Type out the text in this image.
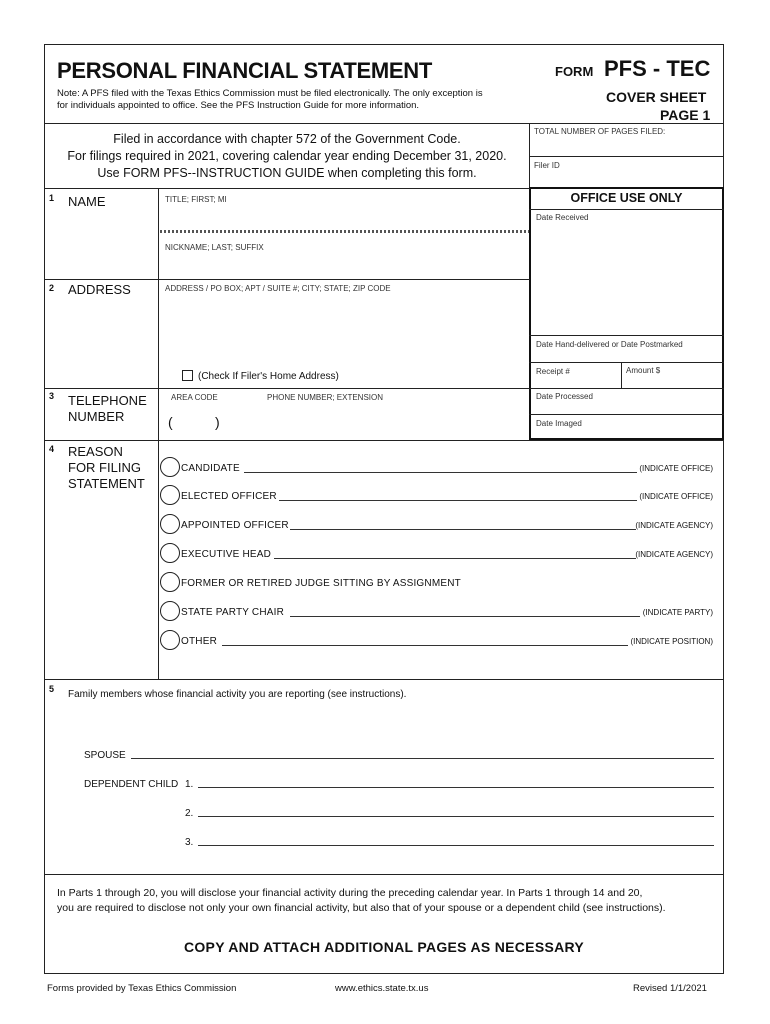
PERSONAL FINANCIAL STATEMENT	FORM PFS - TEC
Note: A PFS filed with the Texas Ethics Commission must be filed electronically. The only exception is
for individuals appointed to office. See the PFS Instruction Guide for more information.
COVER SHEET
PAGE 1
Filed in accordance with chapter 572 of the Government Code.
For filings required in 2021, covering calendar year ending December 31, 2020.
Use FORM PFS--INSTRUCTION GUIDE when completing this form.
TOTAL NUMBER OF PAGES FILED:
Filer ID
OFFICE USE ONLY
Date Received
Date Hand-delivered or Date Postmarked
Receipt #	Amount $
Date Processed
Date Imaged
1 NAME	TITLE; FIRST; MI
NICKNAME; LAST; SUFFIX
2 ADDRESS	ADDRESS / PO BOX; APT / SUITE #; CITY; STATE; ZIP CODE
(Check If Filer's Home Address)
3 TELEPHONE
NUMBER
AREA CODE	PHONE NUMBER; EXTENSION
(	)
4 REASON
FOR FILING
STATEMENT
CANDIDATE	(INDICATE OFFICE)
ELECTED OFFICER	(INDICATE OFFICE)
APPOINTED OFFICER	(INDICATE AGENCY)
EXECUTIVE HEAD	(INDICATE AGENCY)
FORMER OR RETIRED JUDGE SITTING BY ASSIGNMENT
STATE PARTY CHAIR	(INDICATE PARTY)
OTHER	(INDICATE POSITION)
5 Family members whose financial activity you are reporting (see instructions).
SPOUSE
DEPENDENT CHILD 1.
2.
3.
In Parts 1 through 20, you will disclose your financial activity during the preceding calendar year. In Parts 1 through 14 and 20,
you are required to disclose not only your own financial activity, but also that of your spouse or a dependent child (see instructions).
COPY AND ATTACH ADDITIONAL PAGES AS NECESSARY
Forms provided by Texas Ethics Commission	www.ethics.state.tx.us	Revised 1/1/2021
